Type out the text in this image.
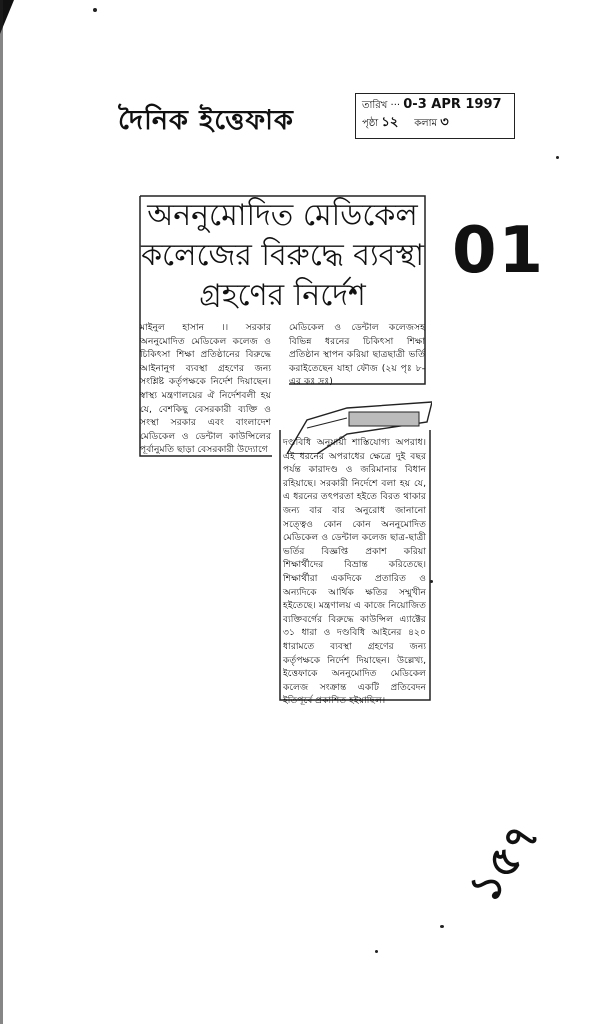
দৈনিক ইত্তেফাক	তারিখ ··· 0-3 APR 1997
পৃষ্ঠা ১২ কলাম ৩
অননুমোদিত মেডিকেল
কলেজের বিরুদ্ধে ব্যবস্থা
গ্রহণের নির্দেশ
মাইনুল হাসান ।। সরকার অননুমোদিত মেডিকেল কলেজ ও চিকিৎসা শিক্ষা প্রতিষ্ঠানের বিরুদ্ধে আইনানুগ ব্যবস্থা গ্রহণের জন্য সংশ্লিষ্ট কর্তৃপক্ষকে নির্দেশ দিয়াছেন। স্বাস্থ্য মন্ত্রণালয়ের ঐ নির্দেশবলী হয় যে, বেশকিছু বেসরকারী ব্যক্তি ও সংস্থা সরকার এবং বাংলাদেশ মেডিকেল ও ডেন্টাল কাউন্সিলের পূর্বানুমতি ছাড়া বেসরকারী উদ্যোগে
মেডিকেল ও ডেন্টাল কলেজসহ বিভিন্ন ধরনের চিকিৎসা শিক্ষা প্রতিষ্ঠান স্থাপন করিয়া ছাত্রছাত্রী ভর্তি করাইতেছেন যাহা ফৌজ (২য় পৃঃ ৮-এর কঃ দ্রঃ)
দণ্ডবিধি অনুযায়ী শাস্তিযোগ্য অপরাধ। এই ধরনের অপরাধের ক্ষেত্রে দুই বছর পর্যন্ত কারাদণ্ড ও জরিমানার বিধান রহিয়াছে। সরকারী নির্দেশে বলা হয় যে, এ ধরনের তৎপরতা হইতে বিরত থাকার জন্য বার বার অনুরোধ জানানো সত্ত্বেও কোন কোন অননুমোদিত মেডিকেল ও ডেন্টাল কলেজ ছাত্র-ছাত্রী ভর্তির বিজ্ঞপ্তি প্রকাশ করিয়া শিক্ষার্থীদের বিভ্রান্ত করিতেছে। শিক্ষার্থীরা একদিকে প্রতারিত ও অন্যদিকে আর্থিক ক্ষতির সম্মুখীন হইতেছে। মন্ত্রণালয় এ কাজে নিয়োজিত ব্যক্তিবর্গের বিরুদ্ধে কাউন্সিল এ্যাক্টের ৩১ ধারা ও দণ্ডবিধি আইনের ৪২০ ধারামতে ব্যবস্থা গ্রহণের জন্য কর্তৃপক্ষকে নির্দেশ দিয়াছেন। উল্লেখ্য, ইত্তেফাকে অননুমোদিত মেডিকেল কলেজ সংক্রান্ত একটি প্রতিবেদন ইতিপূর্বে প্রকাশিত হইয়াছিল।
01
১৫৭
